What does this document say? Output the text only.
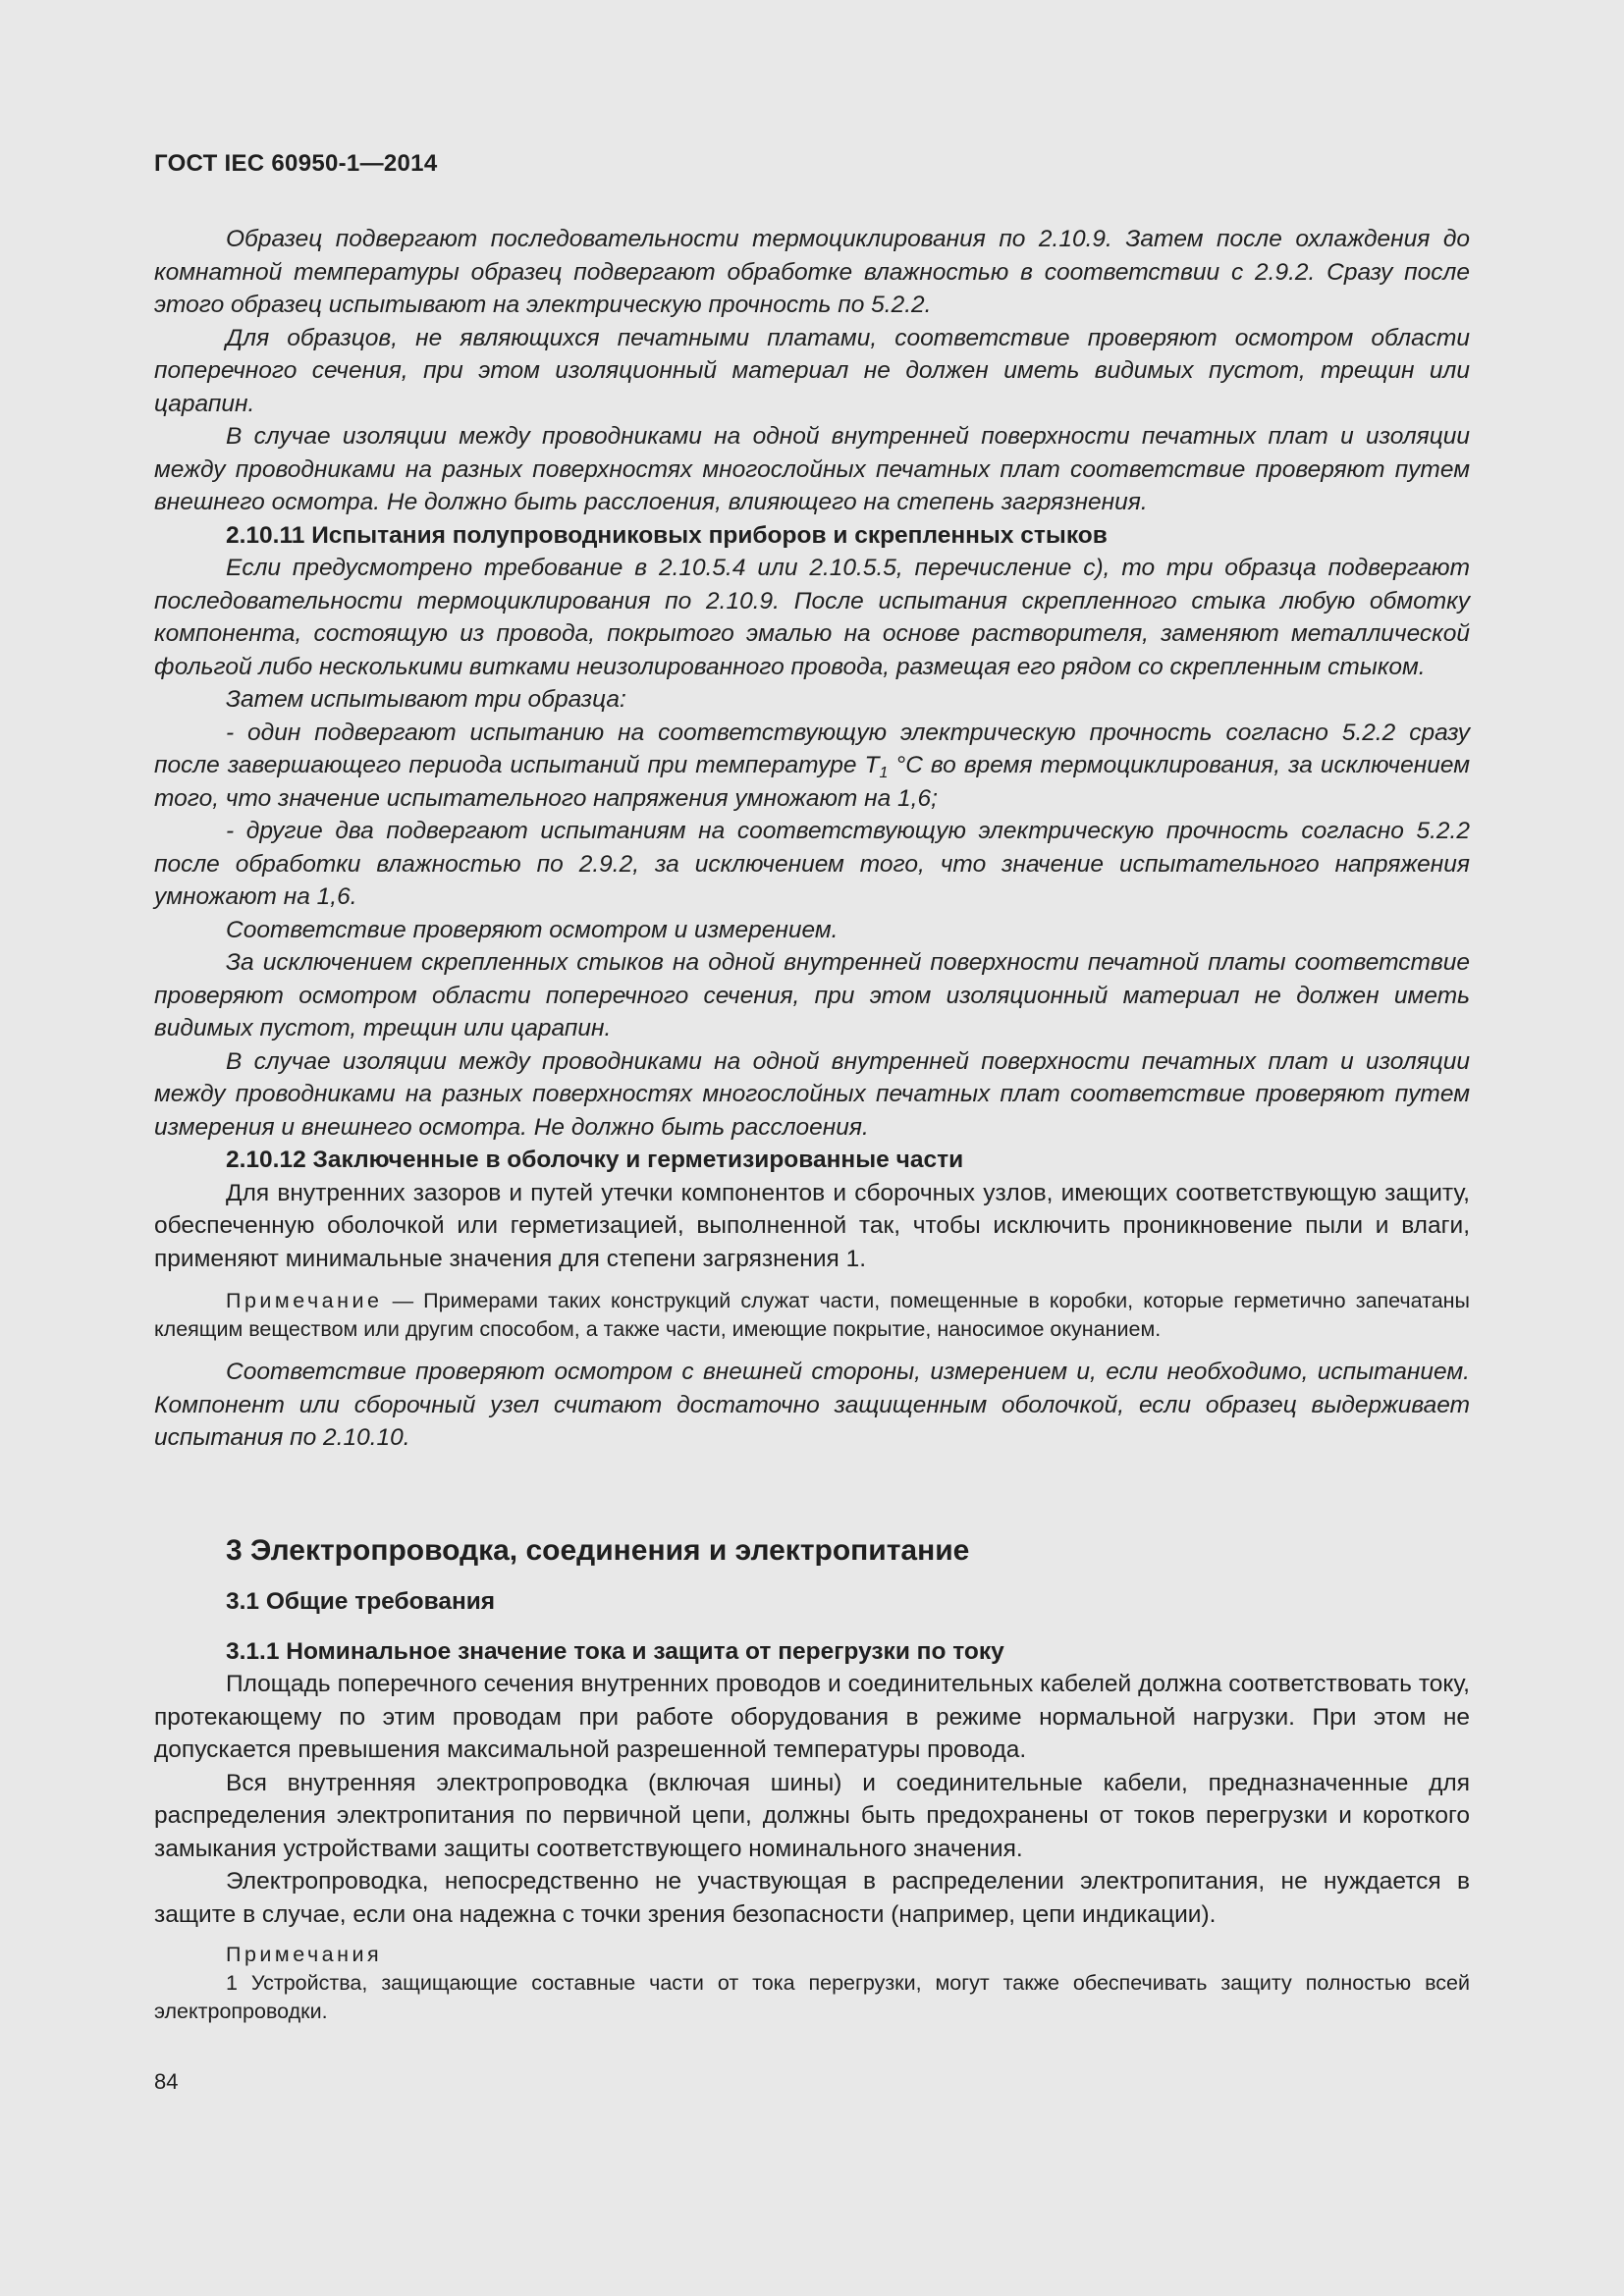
ГОСТ IEC 60950-1—2014

Образец подвергают последовательности термоциклирования по 2.10.9. Затем после охлаждения до комнатной температуры образец подвергают обработке влажностью в соответствии с 2.9.2. Сразу после этого образец испытывают на электрическую прочность по 5.2.2.

Для образцов, не являющихся печатными платами, соответствие проверяют осмотром области поперечного сечения, при этом изоляционный материал не должен иметь видимых пустот, трещин или царапин.

В случае изоляции между проводниками на одной внутренней поверхности печатных плат и изоляции между проводниками на разных поверхностях многослойных печатных плат соответствие проверяют путем внешнего осмотра. Не должно быть расслоения, влияющего на степень загрязнения.

2.10.11 Испытания полупроводниковых приборов и скрепленных стыков

Если предусмотрено требование в 2.10.5.4 или 2.10.5.5, перечисление c), то три образца подвергают последовательности термоциклирования по 2.10.9. После испытания скрепленного стыка любую обмотку компонента, состоящую из провода, покрытого эмалью на основе растворителя, заменяют металлической фольгой либо несколькими витками неизолированного провода, размещая его рядом со скрепленным стыком.

Затем испытывают три образца:

- один подвергают испытанию на соответствующую электрическую прочность согласно 5.2.2 сразу после завершающего периода испытаний при температуре $T_1$ °С во время термоциклирования, за исключением того, что значение испытательного напряжения умножают на 1,6;

- другие два подвергают испытаниям на соответствующую электрическую прочность согласно 5.2.2 после обработки влажностью по 2.9.2, за исключением того, что значение испытательного напряжения умножают на 1,6.

Соответствие проверяют осмотром и измерением.

За исключением скрепленных стыков на одной внутренней поверхности печатной платы соответствие проверяют осмотром области поперечного сечения, при этом изоляционный материал не должен иметь видимых пустот, трещин или царапин.

В случае изоляции между проводниками на одной внутренней поверхности печатных плат и изоляции между проводниками на разных поверхностях многослойных печатных плат соответствие проверяют путем измерения и внешнего осмотра. Не должно быть расслоения.

2.10.12 Заключенные в оболочку и герметизированные части

Для внутренних зазоров и путей утечки компонентов и сборочных узлов, имеющих соответствующую защиту, обеспеченную оболочкой или герметизацией, выполненной так, чтобы исключить проникновение пыли и влаги, применяют минимальные значения для степени загрязнения 1.

Примечание — Примерами таких конструкций служат части, помещенные в коробки, которые герметично запечатаны клеящим веществом или другим способом, а также части, имеющие покрытие, наносимое окунанием.

Соответствие проверяют осмотром с внешней стороны, измерением и, если необходимо, испытанием. Компонент или сборочный узел считают достаточно защищенным оболочкой, если образец выдерживает испытания по 2.10.10.

3 Электропроводка, соединения и электропитание
3.1 Общие требования
3.1.1 Номинальное значение тока и защита от перегрузки по току

Площадь поперечного сечения внутренних проводов и соединительных кабелей должна соответствовать току, протекающему по этим проводам при работе оборудования в режиме нормальной нагрузки. При этом не допускается превышения максимальной разрешенной температуры провода.

Вся внутренняя электропроводка (включая шины) и соединительные кабели, предназначенные для распределения электропитания по первичной цепи, должны быть предохранены от токов перегрузки и короткого замыкания устройствами защиты соответствующего номинального значения.

Электропроводка, непосредственно не участвующая в распределении электропитания, не нуждается в защите в случае, если она надежна с точки зрения безопасности (например, цепи индикации).

Примечания

1 Устройства, защищающие составные части от тока перегрузки, могут также обеспечивать защиту полностью всей электропроводки.

84
